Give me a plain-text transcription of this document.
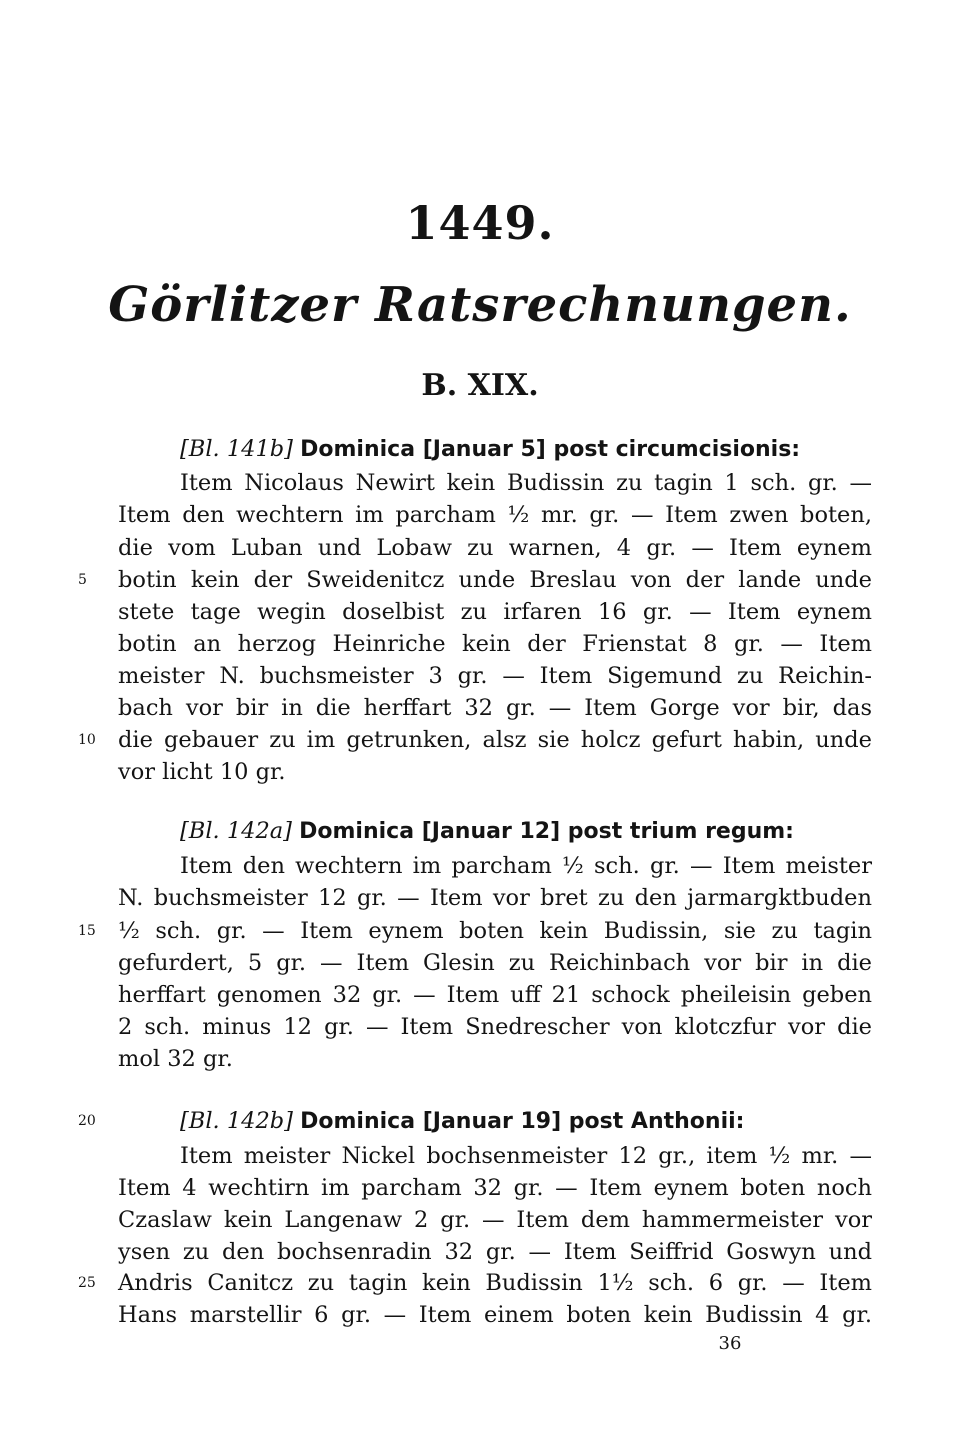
1449.
Görlitzer Ratsrechnungen.
B. XIX.
[Bl. 141b] Dominica [Januar 5] post circumcisionis:
Item Nicolaus Newirt kein Budissin zu tagin 1 sch. gr. —
Item den wechtern im parcham ½ mr. gr. — Item zwen boten,
die vom Luban und Lobaw zu warnen, 4 gr. — Item eynem
botin kein der Sweidenitcz unde Breslau von der lande unde
stete tage wegin doselbist zu irfaren 16 gr. — Item eynem
botin an herzog Heinriche kein der Frienstat 8 gr. — Item
meister N. buchsmeister 3 gr. — Item Sigemund zu Reichin-
bach vor bir in die herffart 32 gr. — Item Gorge vor bir, das
die gebauer zu im getrunken, alsz sie holcz gefurt habin, unde
vor licht 10 gr.
[Bl. 142a] Dominica [Januar 12] post trium regum:
Item den wechtern im parcham ½ sch. gr. — Item meister
N. buchsmeister 12 gr. — Item vor bret zu den jarmargktbuden
½ sch. gr. — Item eynem boten kein Budissin, sie zu tagin
gefurdert, 5 gr. — Item Glesin zu Reichinbach vor bir in die
herffart genomen 32 gr. — Item uff 21 schock pheileisin geben
2 sch. minus 12 gr. — Item Snedrescher von klotczfur vor die
mol 32 gr.
[Bl. 142b] Dominica [Januar 19] post Anthonii:
Item meister Nickel bochsenmeister 12 gr., item ½ mr. —
Item 4 wechtirn im parcham 32 gr. — Item eynem boten noch
Czaslaw kein Langenaw 2 gr. — Item dem hammermeister vor
ysen zu den bochsenradin 32 gr. — Item Seiffrid Goswyn und
Andris Canitcz zu tagin kein Budissin 1½ sch. 6 gr. — Item
Hans marstellir 6 gr. — Item einem boten kein Budissin 4 gr.
5
10
15
20
25
36
